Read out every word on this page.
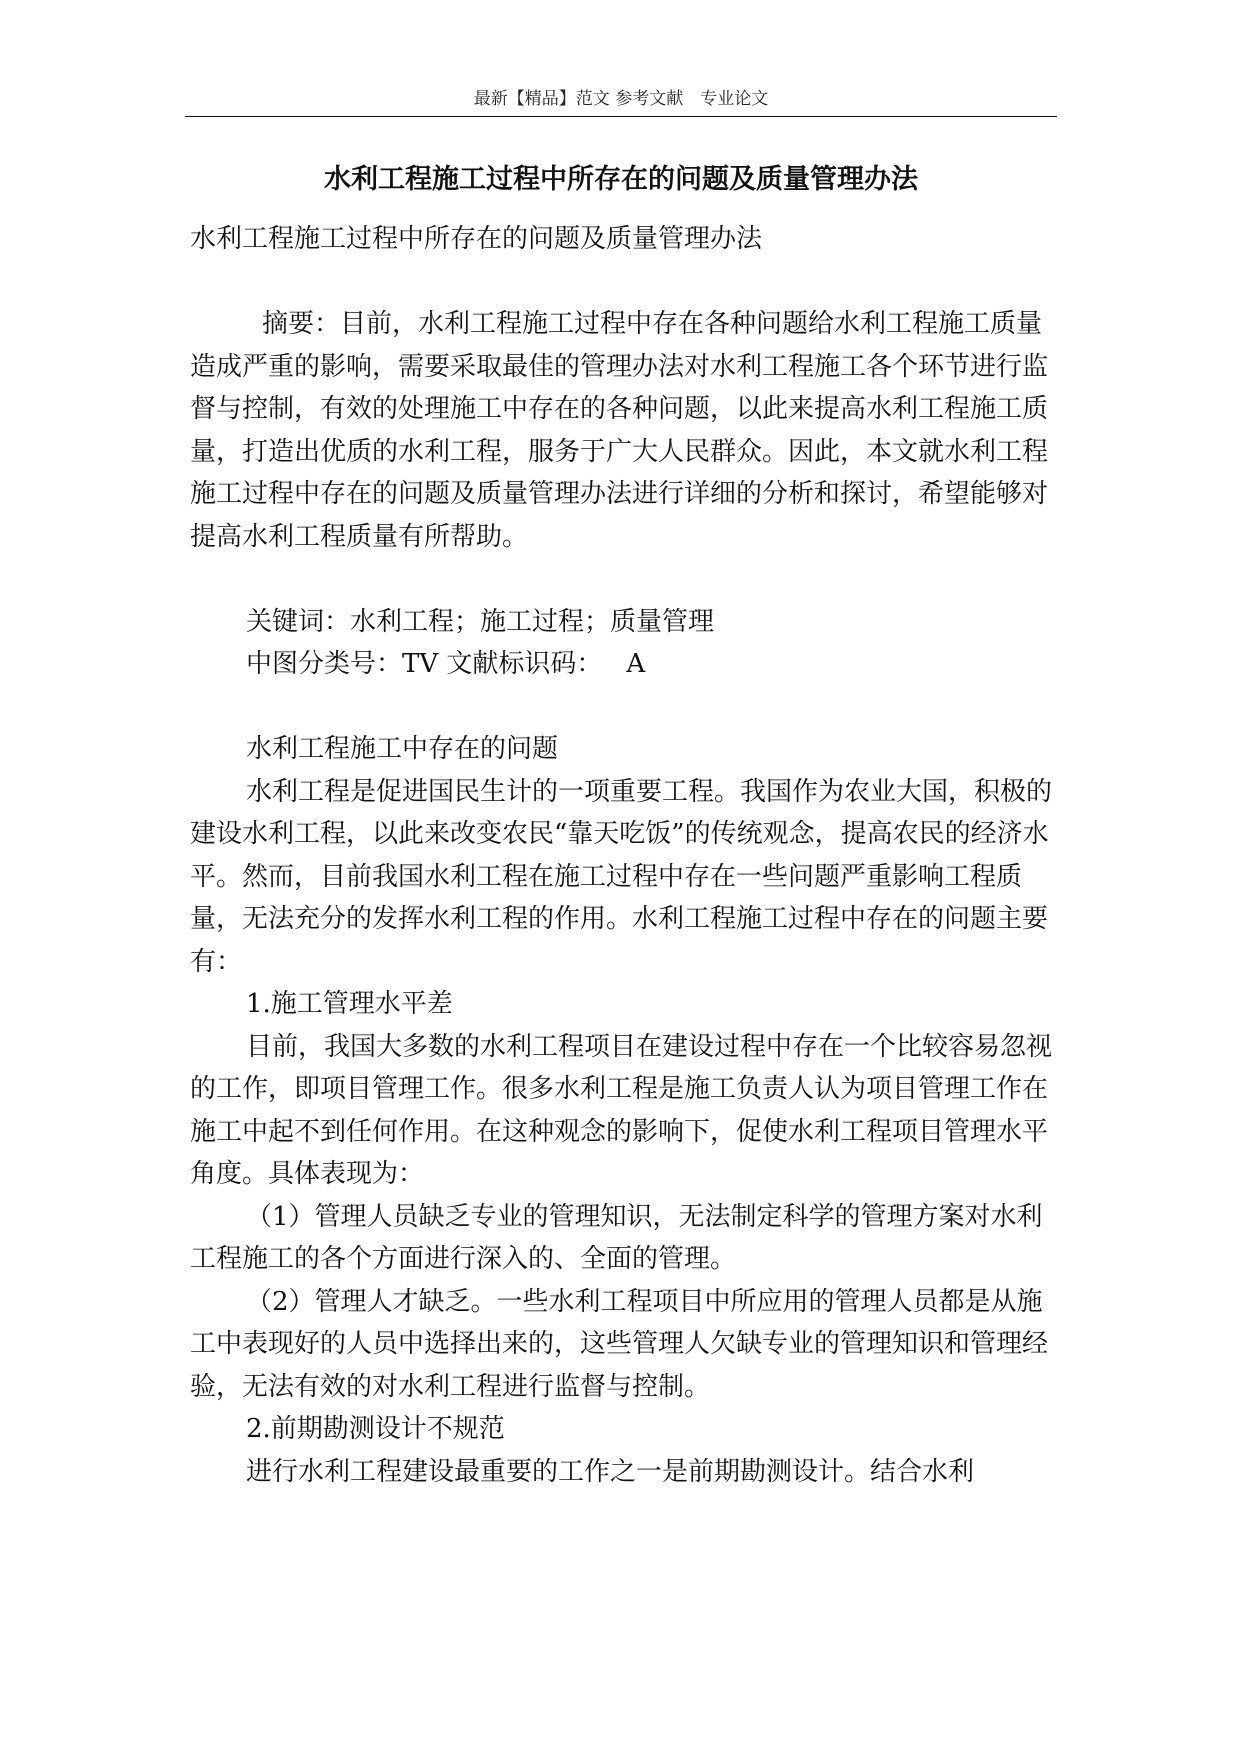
最新【精品】范文 参考文献　专业论文
水利工程施工过程中所存在的问题及质量管理办法

水利工程施工过程中所存在的问题及质量管理办法

摘要：目前，水利工程施工过程中存在各种问题给水利工程施工质量造成严重的影响，需要采取最佳的管理办法对水利工程施工各个环节进行监督与控制，有效的处理施工中存在的各种问题，以此来提高水利工程施工质量，打造出优质的水利工程，服务于广大人民群众。因此，本文就水利工程施工过程中存在的问题及质量管理办法进行详细的分析和探讨，希望能够对提高水利工程质量有所帮助。

关键词：水利工程；施工过程；质量管理

中图分类号：TV 文献标识码： A

水利工程施工中存在的问题

水利工程是促进国民生计的一项重要工程。我国作为农业大国，积极的建设水利工程，以此来改变农民“靠天吃饭”的传统观念，提高农民的经济水平。然而，目前我国水利工程在施工过程中存在一些问题严重影响工程质量，无法充分的发挥水利工程的作用。水利工程施工过程中存在的问题主要有：

1.施工管理水平差

目前，我国大多数的水利工程项目在建设过程中存在一个比较容易忽视的工作，即项目管理工作。很多水利工程是施工负责人认为项目管理工作在施工中起不到任何作用。在这种观念的影响下，促使水利工程项目管理水平角度。具体表现为：

（1）管理人员缺乏专业的管理知识，无法制定科学的管理方案对水利工程施工的各个方面进行深入的、全面的管理。

（2）管理人才缺乏。一些水利工程项目中所应用的管理人员都是从施工中表现好的人员中选择出来的，这些管理人欠缺专业的管理知识和管理经验，无法有效的对水利工程进行监督与控制。

2.前期勘测设计不规范

进行水利工程建设最重要的工作之一是前期勘测设计。结合水利
